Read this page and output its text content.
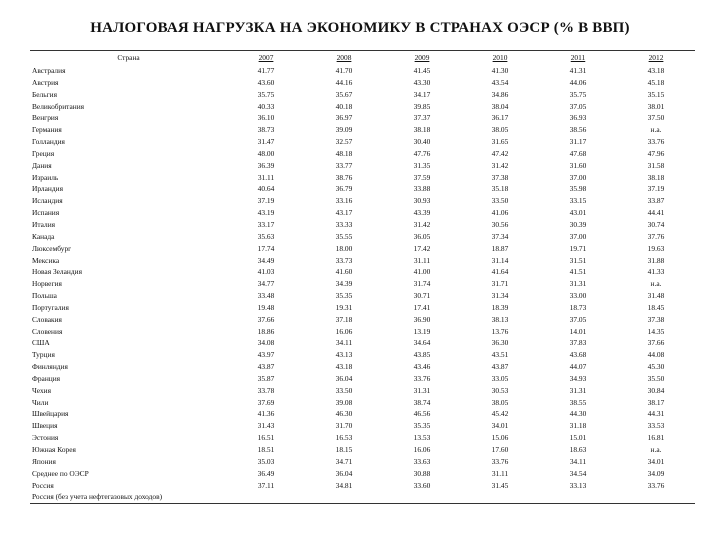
НАЛОГОВАЯ НАГРУЗКА НА ЭКОНОМИКУ В СТРАНАХ ОЭСР (% В ВВП)
Страна	2007	2008	2009	2010	2011	2012
Австралия	41.77	41.70	41.45	41.30	41.31	43.18
Австрия	43.60	44.16	43.30	43.54	44.06	45.18
Бельгия	35.75	35.67	34.17	34.86	35.75	35.15
Великобритания	40.33	40.18	39.85	38.04	37.05	38.01
Венгрия	36.10	36.97	37.37	36.17	36.93	37.50
Германия	38.73	39.09	38.18	38.05	38.56	н.а.
Голландия	31.47	32.57	30.40	31.65	31.17	33.76
Греция	48.00	48.18	47.76	47.42	47.68	47.96
Дания	36.39	33.77	31.35	31.42	31.60	31.58
Израиль	31.11	38.76	37.59	37.38	37.00	38.18
Ирландия	40.64	36.79	33.88	35.18	35.98	37.19
Исландия	37.19	33.16	30.93	33.50	33.15	33.87
Испания	43.19	43.17	43.39	41.06	43.01	44.41
Италия	33.17	33.33	31.42	30.56	30.39	30.74
Канада	35.63	35.55	36.05	37.34	37.00	37.76
Люксембург	17.74	18.00	17.42	18.87	19.71	19.63
Мексика	34.49	33.73	31.11	31.14	31.51	31.88
Новая Зеландия	41.03	41.60	41.00	41.64	41.51	41.33
Норвегия	34.77	34.39	31.74	31.71	31.31	н.а.
Польша	33.48	35.35	30.71	31.34	33.00	31.48
Португалия	19.48	19.31	17.41	18.39	18.73	18.45
Словакия	37.66	37.18	36.90	38.13	37.05	37.38
Словения	18.86	16.06	13.19	13.76	14.01	14.35
США	34.08	34.11	34.64	36.30	37.83	37.66
Турция	43.97	43.13	43.85	43.51	43.68	44.08
Финляндия	43.87	43.18	43.46	43.87	44.07	45.30
Франция	35.87	36.04	33.76	33.05	34.93	35.50
Чехия	33.78	33.50	31.31	30.53	31.31	30.84
Чили	37.69	39.08	38.74	38.05	38.55	38.17
Швейцария	41.36	46.30	46.56	45.42	44.30	44.31
Швеция	31.43	31.70	35.35	34.01	31.18	33.53
Эстония	16.51	16.53	13.53	15.06	15.01	16.81
Южная Корея	18.51	18.15	16.06	17.60	18.63	н.а.
Япония	35.03	34.71	33.63	33.76	34.11	34.01
Среднее по ОЭСР	36.49	36.04	30.88	31.11	34.54	34.09
Россия	37.11	34.81	33.60	31.45	33.13	33.76
Россия (без учета нефтегазовых доходов)
